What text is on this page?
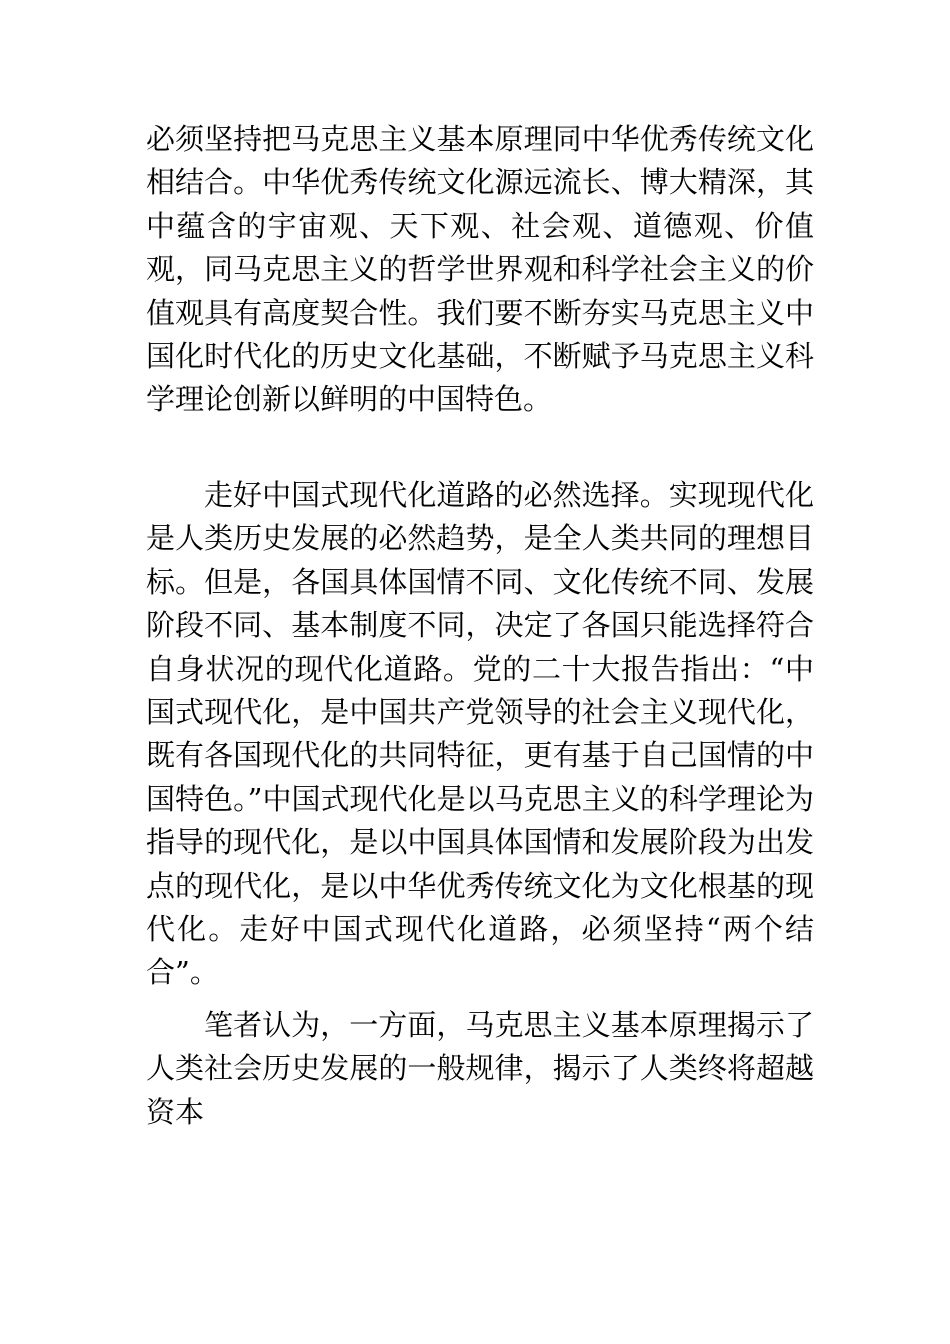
必须坚持把马克思主义基本原理同中华优秀传统文化相结合。中华优秀传统文化源远流长、博大精深，其中蕴含的宇宙观、天下观、社会观、道德观、价值观，同马克思主义的哲学世界观和科学社会主义的价值观具有高度契合性。我们要不断夯实马克思主义中国化时代化的历史文化基础，不断赋予马克思主义科学理论创新以鲜明的中国特色。

走好中国式现代化道路的必然选择。实现现代化是人类历史发展的必然趋势，是全人类共同的理想目标。但是，各国具体国情不同、文化传统不同、发展阶段不同、基本制度不同，决定了各国只能选择符合自身状况的现代化道路。党的二十大报告指出：“中国式现代化，是中国共产党领导的社会主义现代化，既有各国现代化的共同特征，更有基于自己国情的中国特色。”中国式现代化是以马克思主义的科学理论为指导的现代化，是以中国具体国情和发展阶段为出发点的现代化，是以中华优秀传统文化为文化根基的现代化。走好中国式现代化道路，必须坚持“两个结合”。

笔者认为，一方面，马克思主义基本原理揭示了人类社会历史发展的一般规律，揭示了人类终将超越资本
